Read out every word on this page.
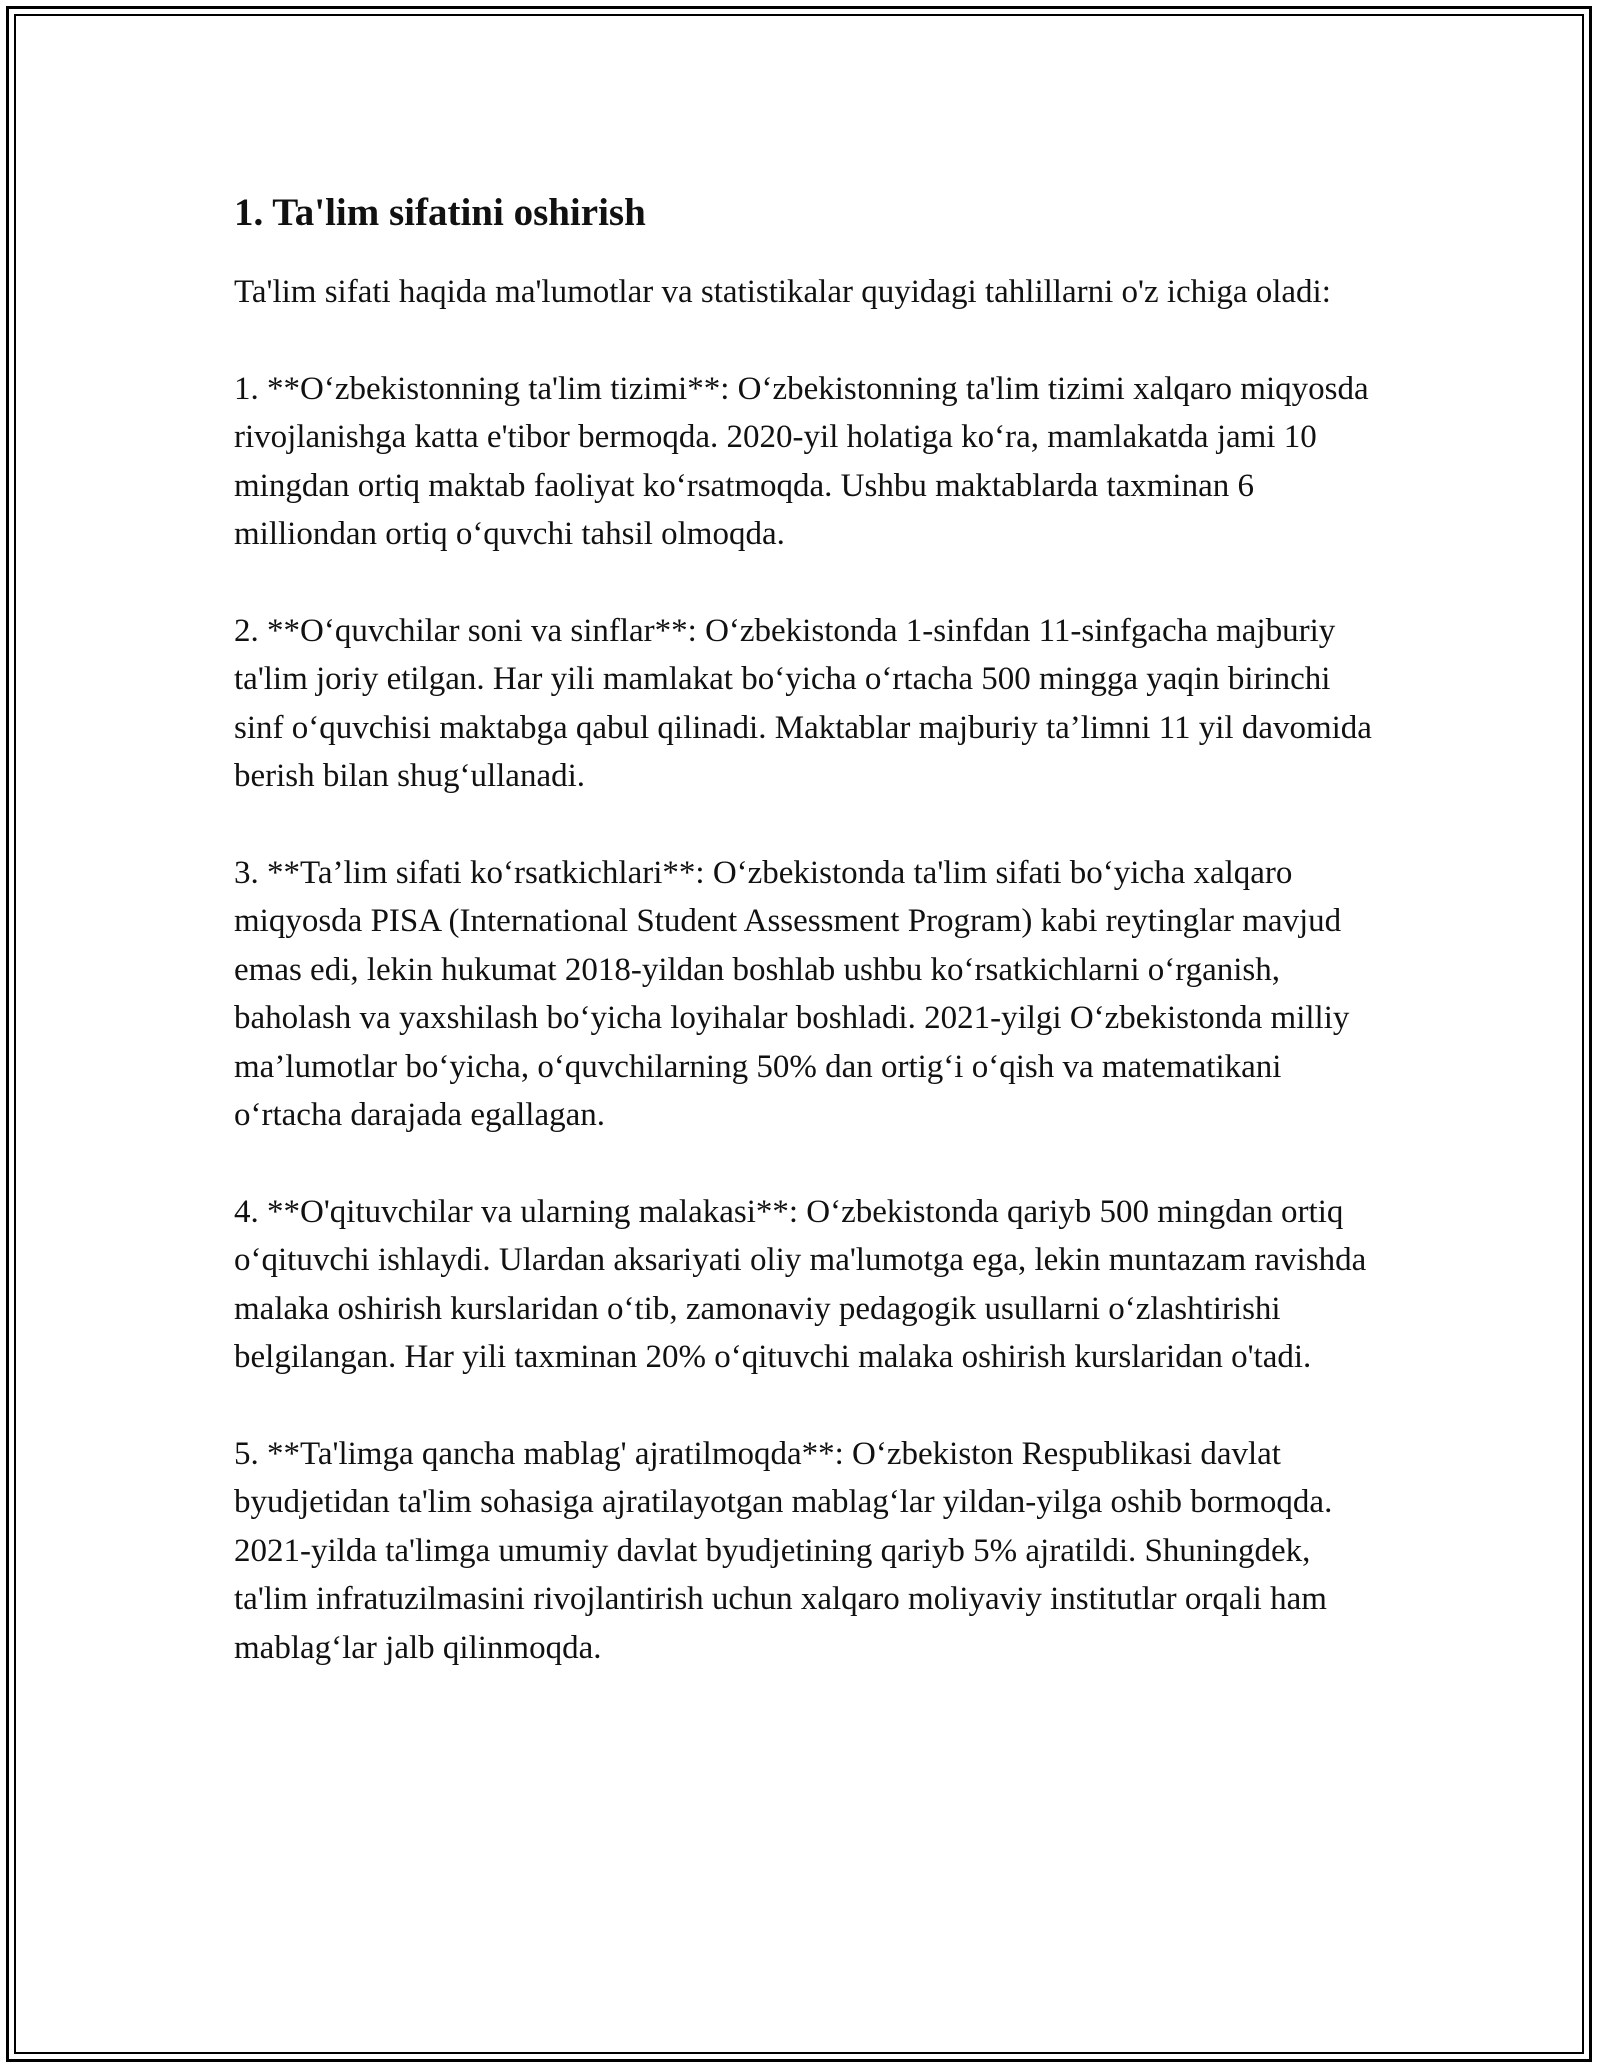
1. Ta'lim sifatini oshirish

Ta'lim sifati haqida ma'lumotlar va statistikalar quyidagi tahlillarni o'z ichiga oladi:

1. **O‘zbekistonning ta'lim tizimi**: O‘zbekistonning ta'lim tizimi xalqaro miqyosda rivojlanishga katta e'tibor bermoqda. 2020-yil holatiga ko‘ra, mamlakatda jami 10 mingdan ortiq maktab faoliyat ko‘rsatmoqda. Ushbu maktablarda taxminan 6 milliondan ortiq o‘quvchi tahsil olmoqda.

2. **O‘quvchilar soni va sinflar**: O‘zbekistonda 1-sinfdan 11-sinfgacha majburiy ta'lim joriy etilgan. Har yili mamlakat bo‘yicha o‘rtacha 500 mingga yaqin birinchi sinf o‘quvchisi maktabga qabul qilinadi. Maktablar majburiy ta’limni 11 yil davomida berish bilan shug‘ullanadi.

3. **Ta’lim sifati ko‘rsatkichlari**: O‘zbekistonda ta'lim sifati bo‘yicha xalqaro miqyosda PISA (International Student Assessment Program) kabi reytinglar mavjud emas edi, lekin hukumat 2018-yildan boshlab ushbu ko‘rsatkichlarni o‘rganish, baholash va yaxshilash bo‘yicha loyihalar boshladi. 2021-yilgi O‘zbekistonda milliy ma’lumotlar bo‘yicha, o‘quvchilarning 50% dan ortig‘i o‘qish va matematikani o‘rtacha darajada egallagan.

4. **O'qituvchilar va ularning malakasi**: O‘zbekistonda qariyb 500 mingdan ortiq o‘qituvchi ishlaydi. Ulardan aksariyati oliy ma'lumotga ega, lekin muntazam ravishda malaka oshirish kurslaridan o‘tib, zamonaviy pedagogik usullarni o‘zlashtirishi belgilangan. Har yili taxminan 20% o‘qituvchi malaka oshirish kurslaridan o'tadi.

5. **Ta'limga qancha mablag' ajratilmoqda**: O‘zbekiston Respublikasi davlat byudjetidan ta'lim sohasiga ajratilayotgan mablag‘lar yildan-yilga oshib bormoqda. 2021-yilda ta'limga umumiy davlat byudjetining qariyb 5% ajratildi. Shuningdek, ta'lim infratuzilmasini rivojlantirish uchun xalqaro moliyaviy institutlar orqali ham mablag‘lar jalb qilinmoqda.
